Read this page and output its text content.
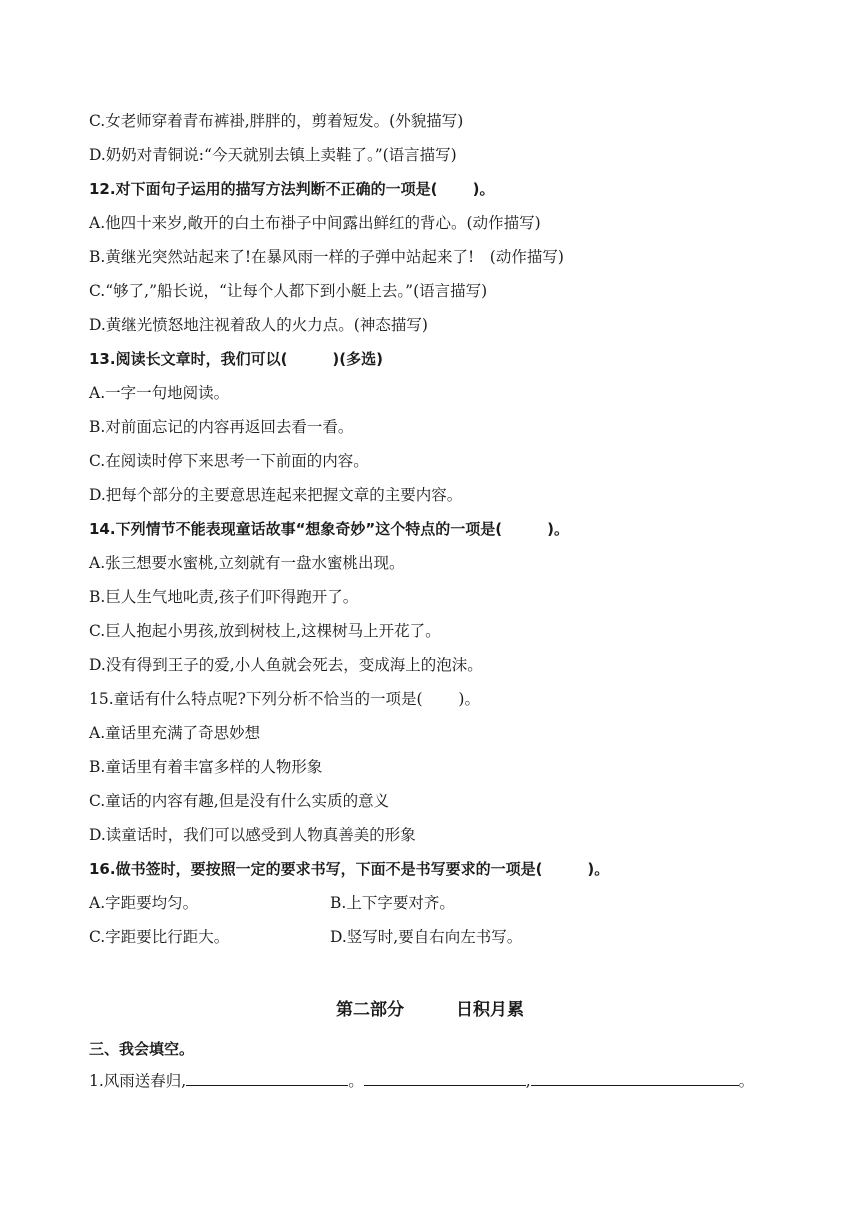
C.女老师穿着青布裤褂,胖胖的，剪着短发。(外貌描写)
D.奶奶对青铜说:“今天就别去镇上卖鞋了。”(语言描写)
12.对下面句子运用的描写方法判断不正确的一项是(　　 )。
A.他四十来岁,敞开的白土布褂子中间露出鲜红的背心。(动作描写)
B.黄继光突然站起来了!在暴风雨一样的子弹中站起来了!　(动作描写)
C.“够了,”船长说，“让每个人都下到小艇上去。”(语言描写)
D.黄继光愤怒地注视着敌人的火力点。(神态描写)
13.阅读长文章时，我们可以(　　　)(多选)
A.一字一句地阅读。
B.对前面忘记的内容再返回去看一看。
C.在阅读时停下来思考一下前面的内容。
D.把每个部分的主要意思连起来把握文章的主要内容。
14.下列情节不能表现童话故事“想象奇妙”这个特点的一项是(　　　)。
A.张三想要水蜜桃,立刻就有一盘水蜜桃出现。
B.巨人生气地叱责,孩子们吓得跑开了。
C.巨人抱起小男孩,放到树枝上,这棵树马上开花了。
D.没有得到王子的爱,小人鱼就会死去，变成海上的泡沫。
15.童话有什么特点呢?下列分析不恰当的一项是(　　 )。
A.童话里充满了奇思妙想
B.童话里有着丰富多样的人物形象
C.童话的内容有趣,但是没有什么实质的意义
D.读童话时，我们可以感受到人物真善美的形象
16.做书签时，要按照一定的要求书写，下面不是书写要求的一项是(　　　)。
A.字距要均匀。	B.上下字要对齐。
C.字距要比行距大。	D.竖写时,要自右向左书写。
第二部分	日积月累
三、我会填空。
1.风雨送春归,	。	,	。
